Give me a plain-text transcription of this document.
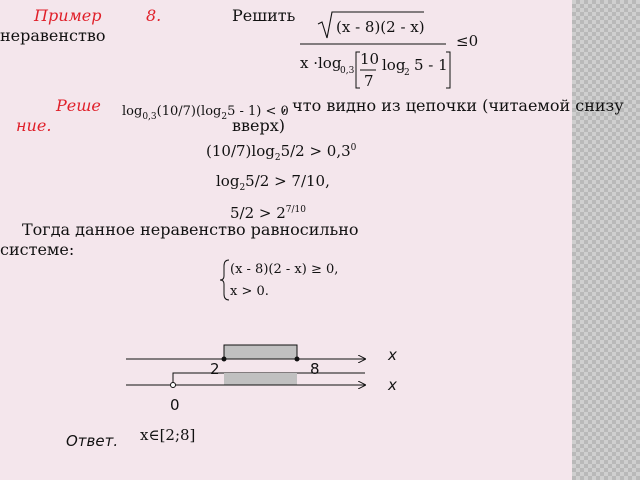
Пример	8.	Решить
неравенство	(x - 8)(2 - x)
≤0
x ·log
0,3
10
7
log
2 5 - 1
Реше
ние.
$\log_{0,3}(10/7)(\log_25 - 1) < 0$
, что видно из цепочки (читаемой снизу
вверх)
$(10/7)\log_25/2 > 0,3^0$
$\log_25/2 > 7/10$,
$5/2 > 2^{7/10}$
Тогда данное неравенство равносильно
системе:
(x - 8)(2 - x) ≥ 0,
x > 0.
x
x
2	8
0
Ответ. x∈[2;8]
